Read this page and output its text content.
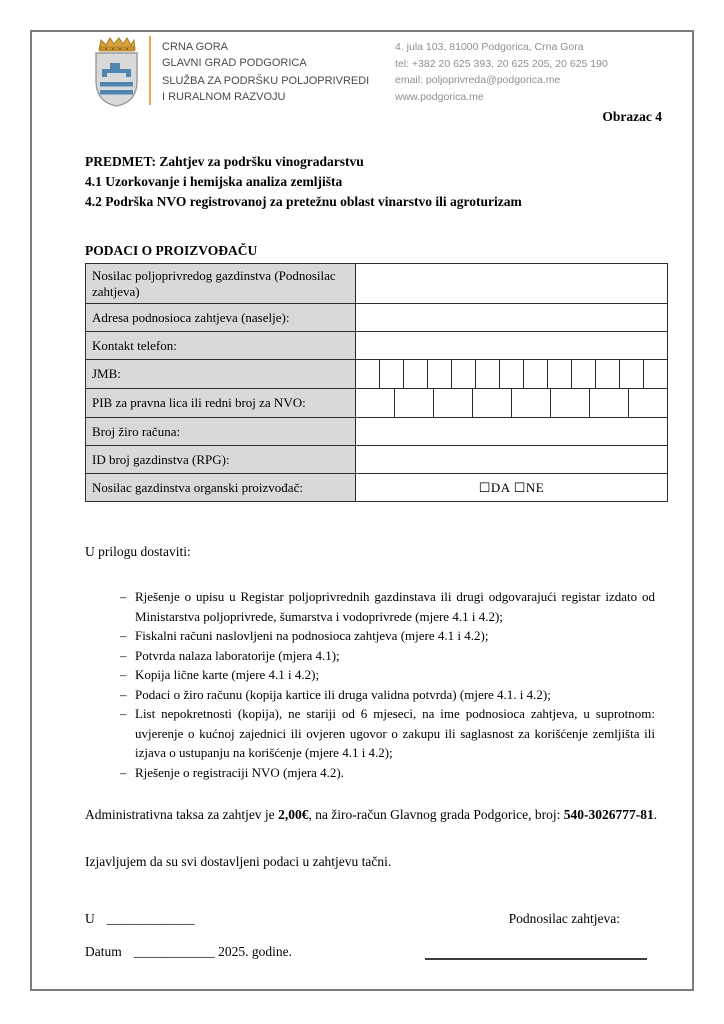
CRNA GORA
GLAVNI GRAD PODGORICA
SLUŽBA ZA PODRŠKU POLJOPRIVREDI
I RURALNOM RAZVOJU
4. jula 103, 81000 Podgorica, Crna Gora
tel: +382 20 625 393, 20 625 205, 20 625 190
email: poljoprivreda@podgorica.me
www.podgorica.me
Obrazac 4
PREDMET: Zahtjev za podršku vinogradarstvu
4.1 Uzorkovanje i hemijska analiza zemljišta
4.2 Podrška NVO registrovanoj za pretežnu oblast vinarstvo ili agroturizam
PODACI O PROIZVOĐAČU
Nosilac poljoprivredog gazdinstva (Podnosilac zahtjeva)	
Adresa podnosioca zahtjeva (naselje):	
Kontakt telefon:	
JMB:	

PIB za pravna lica ili redni broj za NVO:	

Broj žiro računa:	
ID broj gazdinstva (RPG):	
Nosilac gazdinstva organski proizvođač:	☐DA ☐NE
U prilogu dostaviti:
– Rješenje o upisu u Registar poljoprivrednih gazdinstava ili drugi odgovarajući registar izdato od Ministarstva poljoprivrede, šumarstva i vodoprivrede (mjere 4.1 i 4.2);
– Fiskalni računi naslovljeni na podnosioca zahtjeva (mjere 4.1 i 4.2);
– Potvrda nalaza laboratorije (mjera 4.1);
– Kopija lične karte (mjere 4.1 i 4.2);
– Podaci o žiro računu (kopija kartice ili druga validna potvrda) (mjere 4.1. i 4.2);
– List nepokretnosti (kopija), ne stariji od 6 mjeseci, na ime podnosioca zahtjeva, u suprotnom: uvjerenje o kućnoj zajednici ili ovjeren ugovor o zakupu ili saglasnost za korišćenje zemljišta ili izjava o ustupanju na korišćenje (mjere 4.1 i 4.2);
– Rješenje o registraciji NVO (mjera 4.2).

Administrativna taksa za zahtjev je 2,00€, na žiro-račun Glavnog grada Podgorice, broj: 540-3026777-81.

Izjavljujem da su svi dostavljeni podaci u zahtjevu tačni.

U _____________	Podnosilac zahtjeva:
Datum ____________ 2025. godine.
